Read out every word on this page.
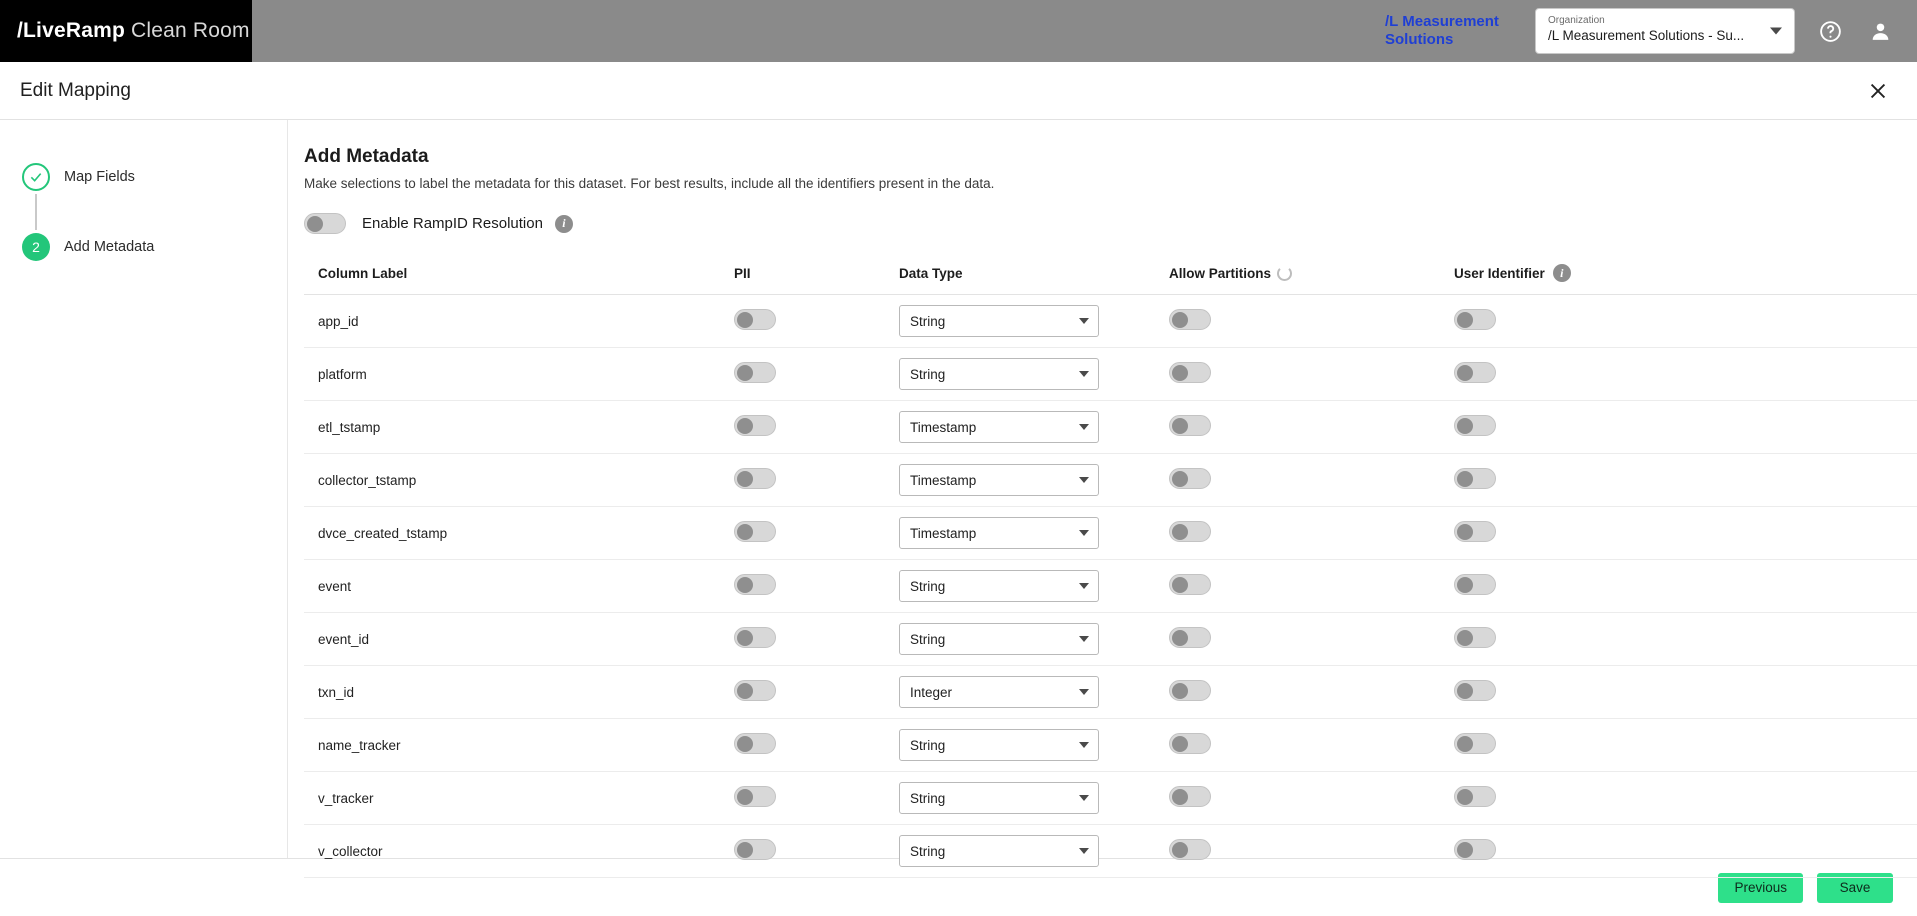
/LiveRamp Clean Room	/L Measurement Solutions
Organization
/L Measurement Solutions - Su...
Edit Mapping
Map Fields
2	Add Metadata
Add Metadata
Make selections to label the metadata for this dataset. For best results, include all the identifiers present in the data.
Enable RampID Resolution	i
Column Label	PII	Data Type	Allow Partitions	User Identifier i

app_id		String		

platform		String		

etl_tstamp		Timestamp		

collector_tstamp		Timestamp		

dvce_created_tstamp		Timestamp		

event		String		

event_id		String		

txn_id		Integer		

name_tracker		String		

v_tracker		String		

v_collector		String		

Previous	Save
